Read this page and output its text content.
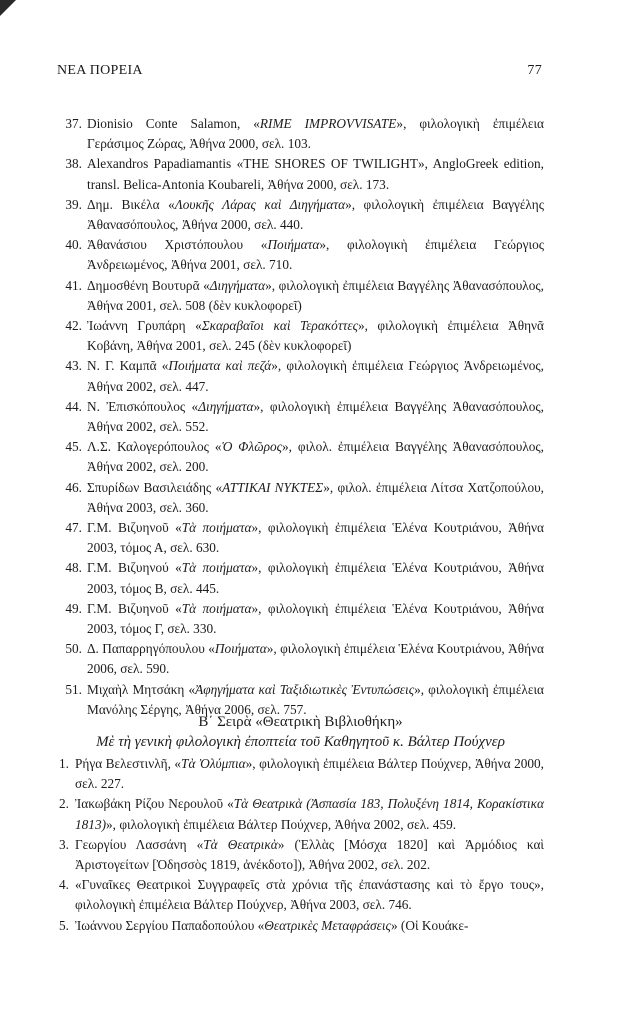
ΝΕΑ ΠΟΡΕΙΑ	77
37. Dionisio Conte Salamon, «RIME IMPROVVISATE», φιλολογικὴ ἐπιμέλεια Γεράσιμος Ζώρας, Ἀθήνα 2000, σελ. 103.
38. Alexandros Papadiamantis «THE SHORES OF TWILIGHT», AngloGreek edition, transl. Belica-Antonia Koubareli, Ἀθήνα 2000, σελ. 173.
39. Δημ. Βικέλα «Λουκῆς Λάρας καὶ Διηγήματα», φιλολογικὴ ἐπιμέλεια Βαγγέλης Ἀθανασόπουλος, Ἀθήνα 2000, σελ. 440.
40. Ἀθανάσιου Χριστόπουλου «Ποιήματα», φιλολογικὴ ἐπιμέλεια Γεώργιος Ἀνδρειωμένος, Ἀθήνα 2001, σελ. 710.
41. Δημοσθένη Βουτυρᾶ «Διηγήματα», φιλολογικὴ ἐπιμέλεια Βαγγέλης Ἀθανασόπουλος, Ἀθήνα 2001, σελ. 508 (δὲν κυκλοφορεῖ)
42. Ἰωάννη Γρυπάρη «Σκαραβαῖοι καὶ Τερακόττες», φιλολογικὴ ἐπιμέλεια Ἀθηνᾶ Κοβάνη, Ἀθήνα 2001, σελ. 245 (δὲν κυκλοφορεῖ)
43. Ν. Γ. Καμπᾶ «Ποιήματα καὶ πεζά», φιλολογικὴ ἐπιμέλεια Γεώργιος Ἀνδρειωμένος, Ἀθήνα 2002, σελ. 447.
44. Ν. Ἐπισκόπουλος «Διηγήματα», φιλολογικὴ ἐπιμέλεια Βαγγέλης Ἀθανασόπουλος, Ἀθήνα 2002, σελ. 552.
45. Λ.Σ. Καλογερόπουλος «Ὁ Φλῶρος», φιλολ. ἐπιμέλεια Βαγγέλης Ἀθανασόπουλος, Ἀθήνα 2002, σελ. 200.
46. Σπυρίδων Βασιλειάδης «ΑΤΤΙΚΑΙ ΝΥΚΤΕΣ», φιλολ. ἐπιμέλεια Λίτσα Χατζοπούλου, Ἀθήνα 2003, σελ. 360.
47. Γ.Μ. Βιζυηνοῦ «Τὰ ποιήματα», φιλολογικὴ ἐπιμέλεια Ἑλένα Κουτριάνου, Ἀθήνα 2003, τόμος Α, σελ. 630.
48. Γ.Μ. Βιζυηνού «Τὰ ποιήματα», φιλολογικὴ ἐπιμέλεια Ἑλένα Κουτριάνου, Ἀθήνα 2003, τόμος Β, σελ. 445.
49. Γ.Μ. Βιζυηνοῦ «Τὰ ποιήματα», φιλολογικὴ ἐπιμέλεια Ἑλένα Κουτριάνου, Ἀθήνα 2003, τόμος Γ, σελ. 330.
50. Δ. Παπαρρηγόπουλου «Ποιήματα», φιλολογικὴ ἐπιμέλεια Ἑλένα Κουτριάνου, Ἀθήνα 2006, σελ. 590.
51. Μιχαὴλ Μητσάκη «Ἀφηγήματα καὶ Ταξιδιωτικὲς Ἐντυπώσεις», φιλολογικὴ ἐπιμέλεια Μανόλης Σέργης, Ἀθήνα 2006, σελ. 757.
Β΄ Σειρὰ «Θεατρικὴ Βιβλιοθήκη»
Μὲ τὴ γενικὴ φιλολογικὴ ἐποπτεία τοῦ Καθηγητοῦ κ. Βάλτερ Πούχνερ
1. Ρήγα Βελεστινλῆ, «Τὰ Ὀλύμπια», φιλολογικὴ ἐπιμέλεια Βάλτερ Πούχνερ, Ἀθήνα 2000, σελ. 227.
2. Ἰακωβάκη Ρίζου Νερουλοῦ «Τὰ Θεατρικὰ (Ἀσπασία 183, Πολυξένη 1814, Κορακίστικα 1813)», φιλολογικὴ ἐπιμέλεια Βάλτερ Πούχνερ, Ἀθήνα 2002, σελ. 459.
3. Γεωργίου Λασσάνη «Τὰ Θεατρικὰ» (Ἑλλὰς [Μόσχα 1820] καὶ Ἁρμόδιος καὶ Ἀριστογείτων [Ὀδησσὸς 1819, ἀνέκδοτο]), Ἀθήνα 2002, σελ. 202.
4. «Γυναῖκες Θεατρικοὶ Συγγραφεῖς στὰ χρόνια τῆς ἐπανάστασης καὶ τὸ ἔργο τους», φιλολογικὴ ἐπιμέλεια Βάλτερ Πούχνερ, Ἀθήνα 2003, σελ. 746.
5. Ἰωάννου Σεργίου Παπαδοπούλου «Θεατρικὲς Μεταφράσεις» (Οἱ Κουάκε-
